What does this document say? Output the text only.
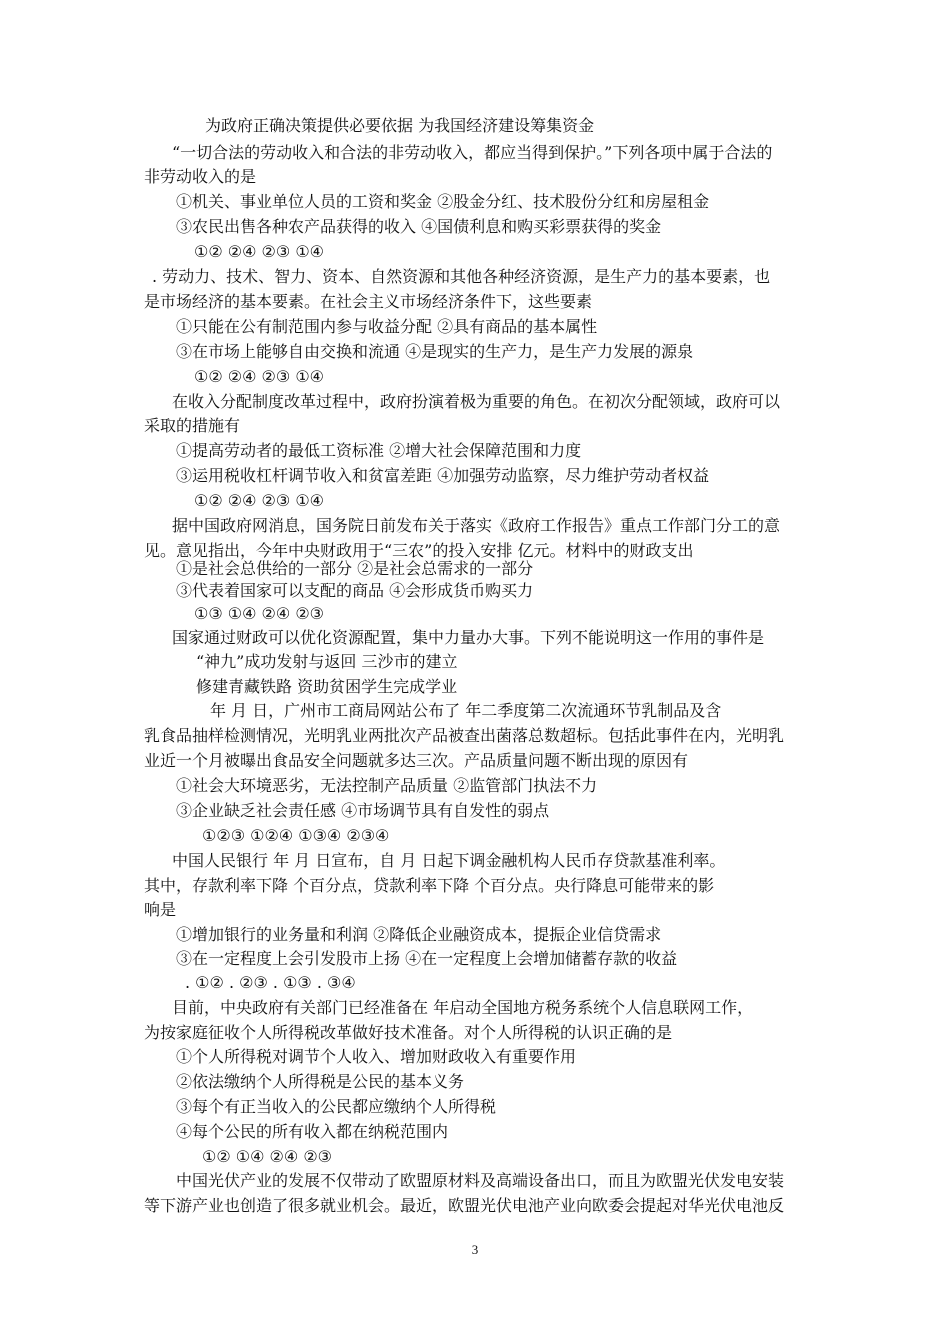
为政府正确决策提供必要依据 为我国经济建设筹集资金
“一切合法的劳动收入和合法的非劳动收入，都应当得到保护。”下列各项中属于合法的
非劳动收入的是
①机关、事业单位人员的工资和奖金 ②股金分红、技术股份分红和房屋租金
③农民出售各种农产品获得的收入 ④国债利息和购买彩票获得的奖金
①② ②④ ②③ ①④
. 劳动力、技术、智力、资本、自然资源和其他各种经济资源，是生产力的基本要素，也
是市场经济的基本要素。在社会主义市场经济条件下，这些要素
①只能在公有制范围内参与收益分配 ②具有商品的基本属性
③在市场上能够自由交换和流通 ④是现实的生产力，是生产力发展的源泉
①② ②④ ②③ ①④
在收入分配制度改革过程中，政府扮演着极为重要的角色。在初次分配领域，政府可以
采取的措施有
①提高劳动者的最低工资标准 ②增大社会保障范围和力度
③运用税收杠杆调节收入和贫富差距 ④加强劳动监察，尽力维护劳动者权益
①② ②④ ②③ ①④
据中国政府网消息，国务院日前发布关于落实《政府工作报告》重点工作部门分工的意
见。意见指出，今年中央财政用于“三农”的投入安排 亿元。材料中的财政支出
①是社会总供给的一部分 ②是社会总需求的一部分
③代表着国家可以支配的商品 ④会形成货币购买力
①③ ①④ ②④ ②③
国家通过财政可以优化资源配置，集中力量办大事。下列不能说明这一作用的事件是
“神九”成功发射与返回 三沙市的建立
修建青藏铁路 资助贫困学生完成学业
年 月 日，广州市工商局网站公布了 年二季度第二次流通环节乳制品及含
乳食品抽样检测情况，光明乳业两批次产品被查出菌落总数超标。包括此事件在内，光明乳
业近一个月被曝出食品安全问题就多达三次。产品质量问题不断出现的原因有
①社会大环境恶劣，无法控制产品质量 ②监管部门执法不力
③企业缺乏社会责任感 ④市场调节具有自发性的弱点
①②③ ①②④ ①③④ ②③④
中国人民银行 年 月 日宣布，自 月 日起下调金融机构人民币存贷款基准利率。
其中，存款利率下降 个百分点，贷款利率下降 个百分点。央行降息可能带来的影
响是
①增加银行的业务量和利润 ②降低企业融资成本，提振企业信贷需求
③在一定程度上会引发股市上扬 ④在一定程度上会增加储蓄存款的收益
. ①② . ②③ . ①③ . ③④
目前，中央政府有关部门已经准备在 年启动全国地方税务系统个人信息联网工作，
为按家庭征收个人所得税改革做好技术准备。对个人所得税的认识正确的是
①个人所得税对调节个人收入、增加财政收入有重要作用
②依法缴纳个人所得税是公民的基本义务
③每个有正当收入的公民都应缴纳个人所得税
④每个公民的所有收入都在纳税范围内
①② ①④ ②④ ②③
中国光伏产业的发展不仅带动了欧盟原材料及高端设备出口，而且为欧盟光伏发电安装
等下游产业也创造了很多就业机会。最近，欧盟光伏电池产业向欧委会提起对华光伏电池反
3
